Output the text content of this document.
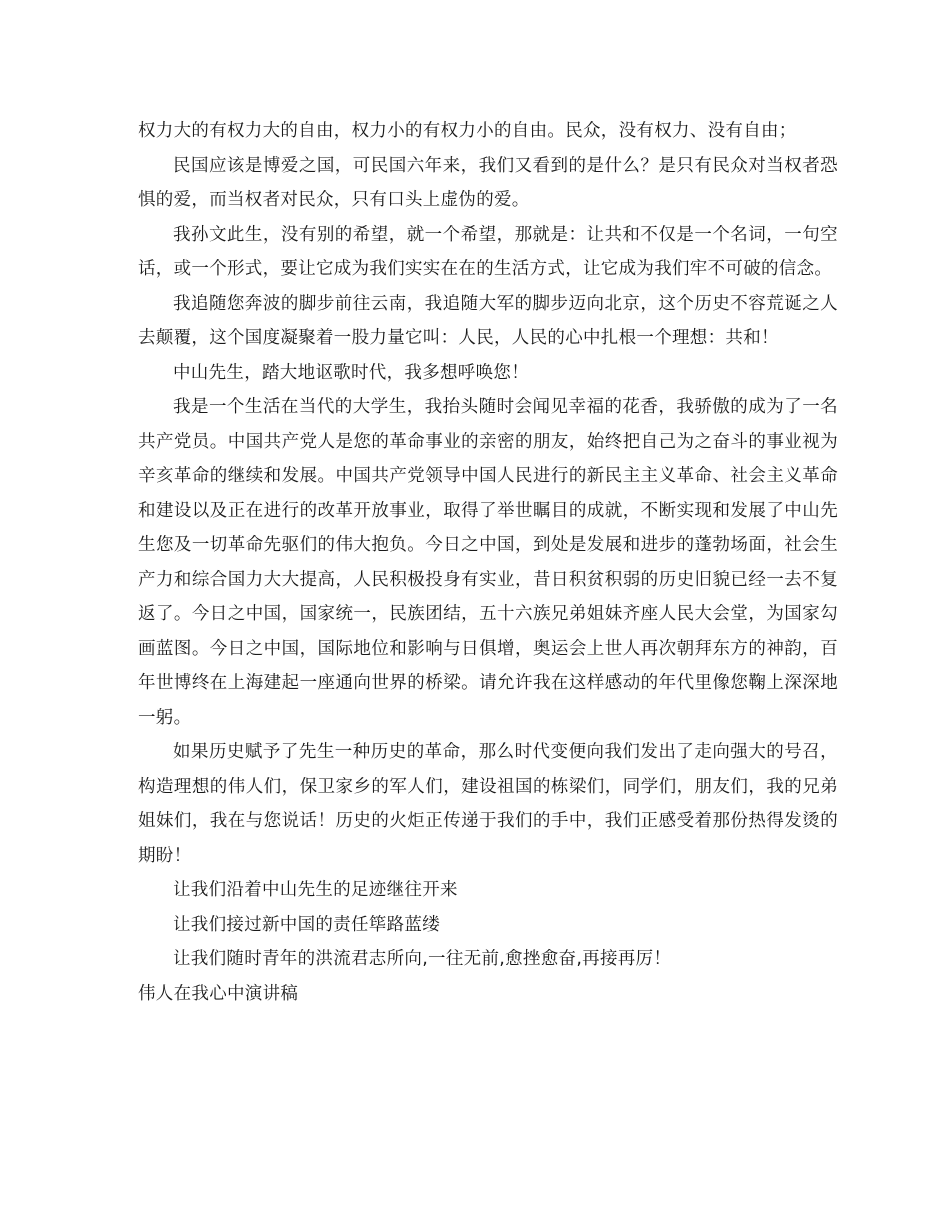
权力大的有权力大的自由，权力小的有权力小的自由。民众，没有权力、没有自由；

民国应该是博爱之国，可民国六年来，我们又看到的是什么？是只有民众对当权者恐惧的爱，而当权者对民众，只有口头上虚伪的爱。

我孙文此生，没有别的希望，就一个希望，那就是：让共和不仅是一个名词，一句空话，或一个形式，要让它成为我们实实在在的生活方式，让它成为我们牢不可破的信念。

我追随您奔波的脚步前往云南，我追随大军的脚步迈向北京，这个历史不容荒诞之人去颠覆，这个国度凝聚着一股力量它叫：人民，人民的心中扎根一个理想：共和！

中山先生，踏大地讴歌时代，我多想呼唤您！

我是一个生活在当代的大学生，我抬头随时会闻见幸福的花香，我骄傲的成为了一名共产党员。中国共产党人是您的革命事业的亲密的朋友，始终把自己为之奋斗的事业视为辛亥革命的继续和发展。中国共产党领导中国人民进行的新民主主义革命、社会主义革命和建设以及正在进行的改革开放事业，取得了举世瞩目的成就，不断实现和发展了中山先生您及一切革命先驱们的伟大抱负。今日之中国，到处是发展和进步的蓬勃场面，社会生产力和综合国力大大提高，人民积极投身有实业，昔日积贫积弱的历史旧貌已经一去不复返了。今日之中国，国家统一，民族团结，五十六族兄弟姐妹齐座人民大会堂，为国家勾画蓝图。今日之中国，国际地位和影响与日俱增，奥运会上世人再次朝拜东方的神韵，百年世博终在上海建起一座通向世界的桥梁。请允许我在这样感动的年代里像您鞠上深深地一躬。

如果历史赋予了先生一种历史的革命，那么时代变便向我们发出了走向强大的号召，构造理想的伟人们，保卫家乡的军人们，建设祖国的栋梁们，同学们，朋友们，我的兄弟姐妹们，我在与您说话！历史的火炬正传递于我们的手中，我们正感受着那份热得发烫的期盼！

让我们沿着中山先生的足迹继往开来

让我们接过新中国的责任筚路蓝缕

让我们随时青年的洪流君志所向,一往无前,愈挫愈奋,再接再厉！

伟人在我心中演讲稿
